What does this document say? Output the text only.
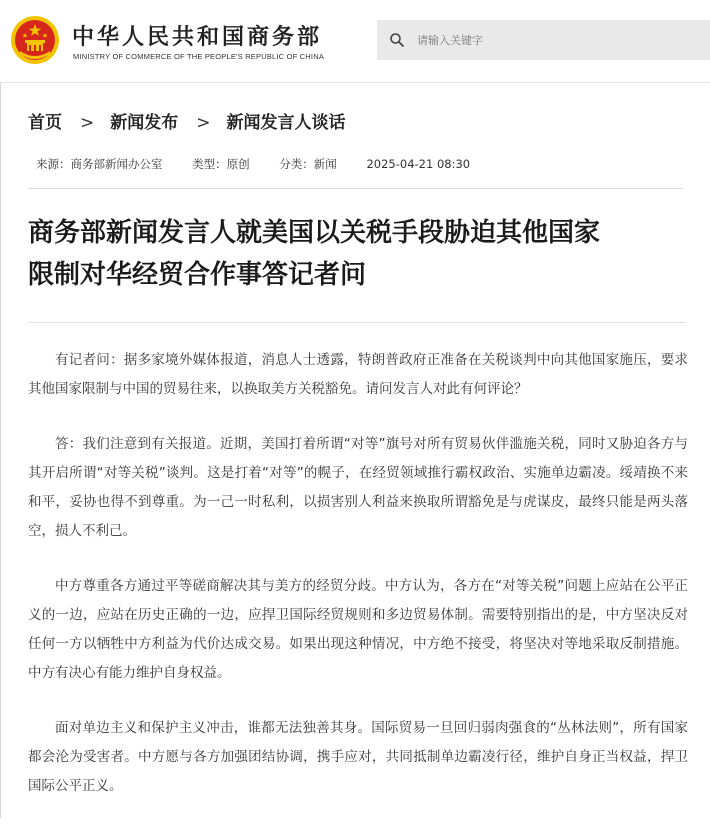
中华人民共和国商务部
MINISTRY OF COMMERCE OF THE PEOPLE'S REPUBLIC OF CHINA
请输入关键字
首页 > 新闻发布 > 新闻发言人谈话
来源：商务部新闻办公室	类型：原创	分类：新闻	2025-04-21 08:30
商务部新闻发言人就美国以关税手段胁迫其他国家
限制对华经贸合作事答记者问

有记者问：据多家境外媒体报道，消息人士透露，特朗普政府正准备在关税谈判中向其他国家施压，要求其他国家限制与中国的贸易往来，以换取美方关税豁免。请问发言人对此有何评论？

答：我们注意到有关报道。近期，美国打着所谓“对等”旗号对所有贸易伙伴滥施关税，同时又胁迫各方与其开启所谓“对等关税”谈判。这是打着“对等”的幌子，在经贸领域推行霸权政治、实施单边霸凌。绥靖换不来和平，妥协也得不到尊重。为一己一时私利，以损害别人利益来换取所谓豁免是与虎谋皮，最终只能是两头落空，损人不利己。

中方尊重各方通过平等磋商解决其与美方的经贸分歧。中方认为，各方在“对等关税”问题上应站在公平正义的一边，应站在历史正确的一边，应捍卫国际经贸规则和多边贸易体制。需要特别指出的是，中方坚决反对任何一方以牺牲中方利益为代价达成交易。如果出现这种情况，中方绝不接受，将坚决对等地采取反制措施。中方有决心有能力维护自身权益。

面对单边主义和保护主义冲击，谁都无法独善其身。国际贸易一旦回归弱肉强食的“丛林法则”，所有国家都会沦为受害者。中方愿与各方加强团结协调，携手应对，共同抵制单边霸凌行径，维护自身正当权益，捍卫国际公平正义。
